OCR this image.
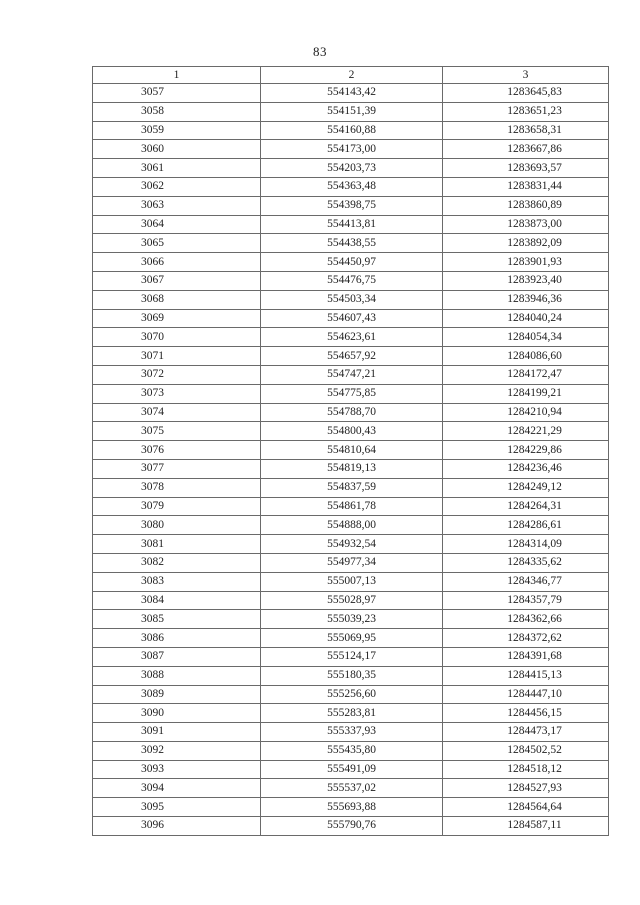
83
1	2	3
3057	554143,42	1283645,83
3058	554151,39	1283651,23
3059	554160,88	1283658,31
3060	554173,00	1283667,86
3061	554203,73	1283693,57
3062	554363,48	1283831,44
3063	554398,75	1283860,89
3064	554413,81	1283873,00
3065	554438,55	1283892,09
3066	554450,97	1283901,93
3067	554476,75	1283923,40
3068	554503,34	1283946,36
3069	554607,43	1284040,24
3070	554623,61	1284054,34
3071	554657,92	1284086,60
3072	554747,21	1284172,47
3073	554775,85	1284199,21
3074	554788,70	1284210,94
3075	554800,43	1284221,29
3076	554810,64	1284229,86
3077	554819,13	1284236,46
3078	554837,59	1284249,12
3079	554861,78	1284264,31
3080	554888,00	1284286,61
3081	554932,54	1284314,09
3082	554977,34	1284335,62
3083	555007,13	1284346,77
3084	555028,97	1284357,79
3085	555039,23	1284362,66
3086	555069,95	1284372,62
3087	555124,17	1284391,68
3088	555180,35	1284415,13
3089	555256,60	1284447,10
3090	555283,81	1284456,15
3091	555337,93	1284473,17
3092	555435,80	1284502,52
3093	555491,09	1284518,12
3094	555537,02	1284527,93
3095	555693,88	1284564,64
3096	555790,76	1284587,11
